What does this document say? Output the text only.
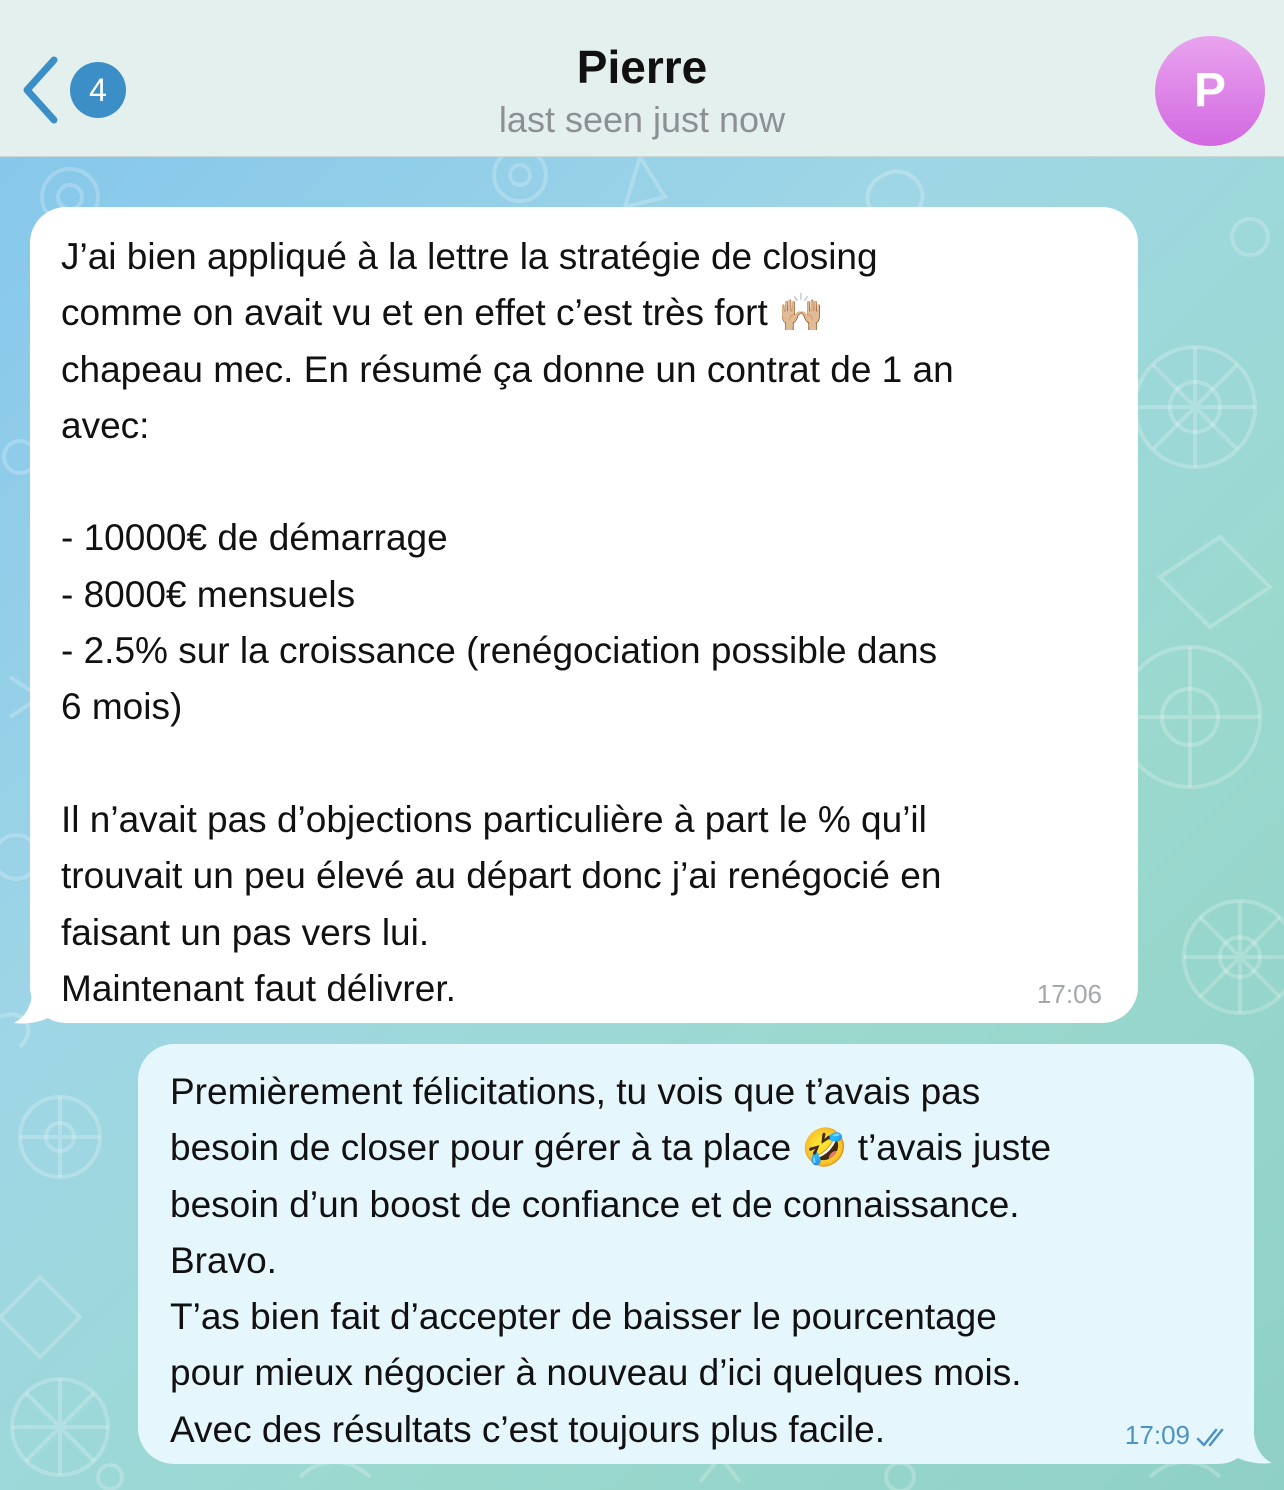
4	Pierre
last seen just now
P
J’ai bien appliqué à la lettre la stratégie de closing
comme on avait vu et en effet c’est très fort 🙌🏼
chapeau mec. En résumé ça donne un contrat de 1 an
avec:

- 10000€ de démarrage
- 8000€ mensuels
- 2.5% sur la croissance (renégociation possible dans
6 mois)

Il n’avait pas d’objections particulière à part le % qu’il
trouvait un peu élevé au départ donc j’ai renégocié en
faisant un pas vers lui.
Maintenant faut délivrer.	17:06
Premièrement félicitations, tu vois que t’avais pas
besoin de closer pour gérer à ta place 🤣 t’avais juste
besoin d’un boost de confiance et de connaissance.
Bravo.
T’as bien fait d’accepter de baisser le pourcentage
pour mieux négocier à nouveau d’ici quelques mois.
Avec des résultats c’est toujours plus facile.	17:09
